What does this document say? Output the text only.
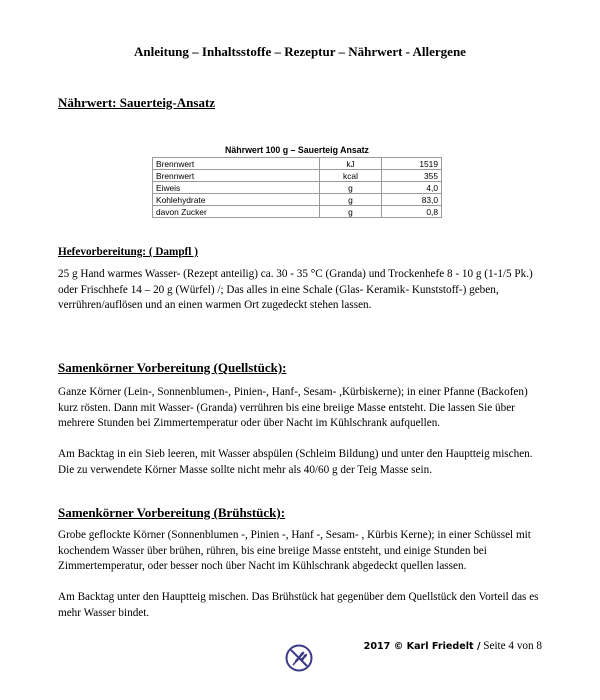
Anleitung – Inhaltsstoffe – Rezeptur – Nährwert - Allergene
Nährwert: Sauerteig-Ansatz
Nährwert 100 g – Sauerteig Ansatz		
Brennwert	kJ	1519
Brennwert	kcal	355
Eiweis	g	4,0
Kohlehydrate	g	83,0
davon Zucker	g	0,8
Hefevorbereitung: ( Dampfl )

25 g Hand warmes Wasser- (Rezept anteilig) ca. 30 - 35 °C (Granda) und Trockenhefe 8 - 10 g (1-1/5 Pk.) oder Frischhefe 14 – 20 g (Würfel) /; Das alles in eine Schale (Glas- Keramik- Kunststoff-) geben, verrühren/auflösen und an einen warmen Ort zugedeckt stehen lassen.

Samenkörner Vorbereitung (Quellstück):

Ganze Körner (Lein-, Sonnenblumen-, Pinien-, Hanf-, Sesam- ,Kürbiskerne); in einer Pfanne (Backofen) kurz rösten. Dann mit Wasser- (Granda) verrühren bis eine breiige Masse entsteht. Die lassen Sie über mehrere Stunden bei Zimmertemperatur oder über Nacht im Kühlschrank aufquellen.

Am Backtag in ein Sieb leeren, mit Wasser abspülen (Schleim Bildung) und unter den Hauptteig mischen. Die zu verwendete Körner Masse sollte nicht mehr als 40/60 g der Teig Masse sein.

Samenkörner Vorbereitung (Brühstück):

Grobe geflockte Körner (Sonnenblumen -, Pinien -, Hanf -, Sesam- , Kürbis Kerne); in einer Schüssel mit kochendem Wasser über brühen, rühren, bis eine breiige Masse entsteht, und einige Stunden bei Zimmertemperatur, oder besser noch über Nacht im Kühlschrank abgedeckt quellen lassen.

Am Backtag unter den Hauptteig mischen. Das Brühstück hat gegenüber dem Quellstück den Vorteil das es mehr Wasser bindet.

2017 © Karl Friedelt / Seite 4 von 8
